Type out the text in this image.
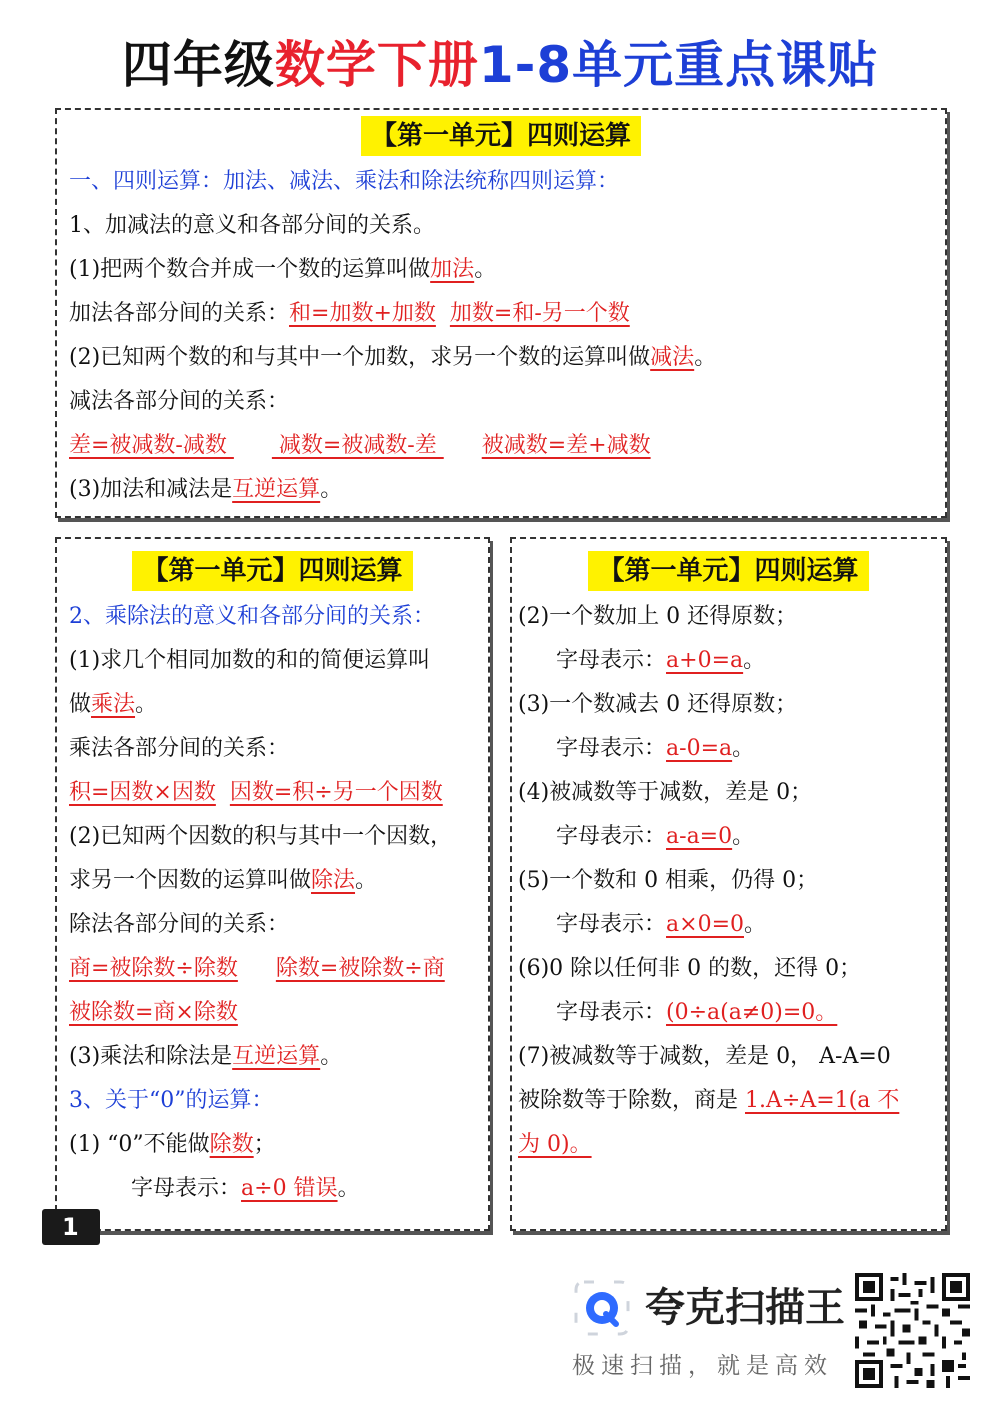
四年级数学下册1-8单元重点课贴
【第一单元】四则运算
一、四则运算：加法、减法、乘法和除法统称四则运算：
1、加减法的意义和各部分间的关系。
(1)把两个数合并成一个数的运算叫做加法。
加法各部分间的关系：和=加数+加数 加数=和-另一个数
(2)已知两个数的和与其中一个加数，求另一个数的运算叫做减法。
减法各部分间的关系：
差=被减数-减数  减数=被减数-差 被减数=差+减数
(3)加法和减法是互逆运算。
【第一单元】四则运算
2、乘除法的意义和各部分间的关系：
(1)求几个相同加数的和的简便运算叫
做乘法。
乘法各部分间的关系：
积=因数×因数 因数=积÷另一个因数
(2)已知两个因数的积与其中一个因数，
求另一个因数的运算叫做除法。
除法各部分间的关系：
商=被除数÷除数 除数=被除数÷商
被除数=商×除数
(3)乘法和除法是互逆运算。
3、关于“0”的运算：
(1) “0”不能做除数；
字母表示：a÷0 错误。
【第一单元】四则运算
(2)一个数加上 0 还得原数；
字母表示：a+0=a。
(3)一个数减去 0 还得原数；
字母表示：a-0=a。
(4)被减数等于减数，差是 0；
字母表示：a-a=0。
(5)一个数和 0 相乘，仍得 0；
字母表示：a×0=0。
(6)0 除以任何非 0 的数，还得 0；
字母表示：(0÷a(a≠0)=0。
(7)被减数等于减数，差是 0， A-A=0
被除数等于除数，商是 1.A÷A=1(a 不
为 0)。
1
夸克扫描王
极速扫描，就是高效
